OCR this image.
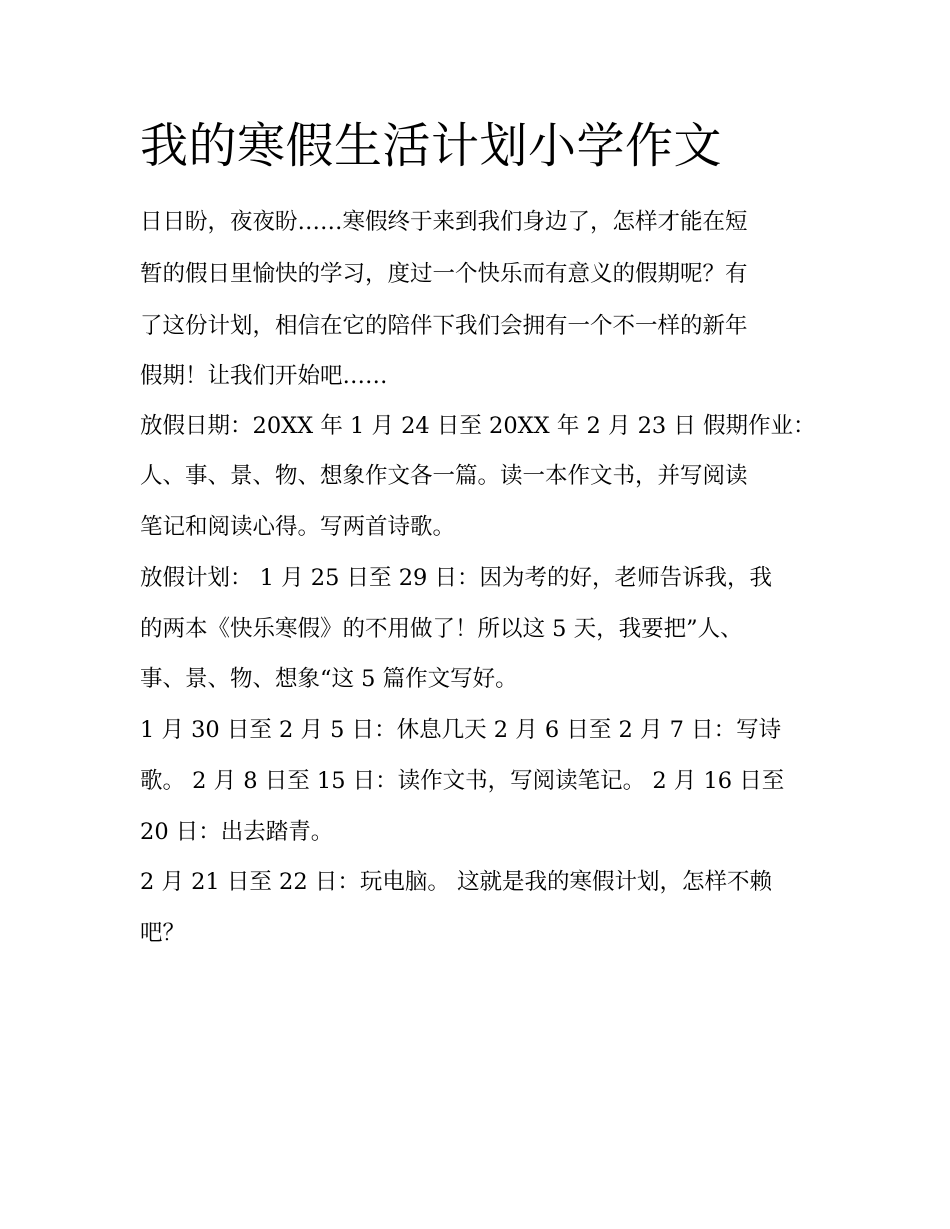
我的寒假生活计划小学作文

日日盼，夜夜盼……寒假终于来到我们身边了，怎样才能在短

暂的假日里愉快的学习，度过一个快乐而有意义的假期呢？有

了这份计划，相信在它的陪伴下我们会拥有一个不一样的新年

假期！让我们开始吧……

放假日期：20XX 年 1 月 24 日至 20XX 年 2 月 23 日 假期作业：

人、事、景、物、想象作文各一篇。读一本作文书，并写阅读

笔记和阅读心得。写两首诗歌。

放假计划： 1 月 25 日至 29 日：因为考的好，老师告诉我，我

的两本《快乐寒假》的不用做了！所以这 5 天，我要把”人、

事、景、物、想象“这 5 篇作文写好。

1 月 30 日至 2 月 5 日：休息几天 2 月 6 日至 2 月 7 日：写诗

歌。 2 月 8 日至 15 日：读作文书，写阅读笔记。 2 月 16 日至

20 日：出去踏青。

2 月 21 日至 22 日：玩电脑。 这就是我的寒假计划，怎样不赖

吧？
